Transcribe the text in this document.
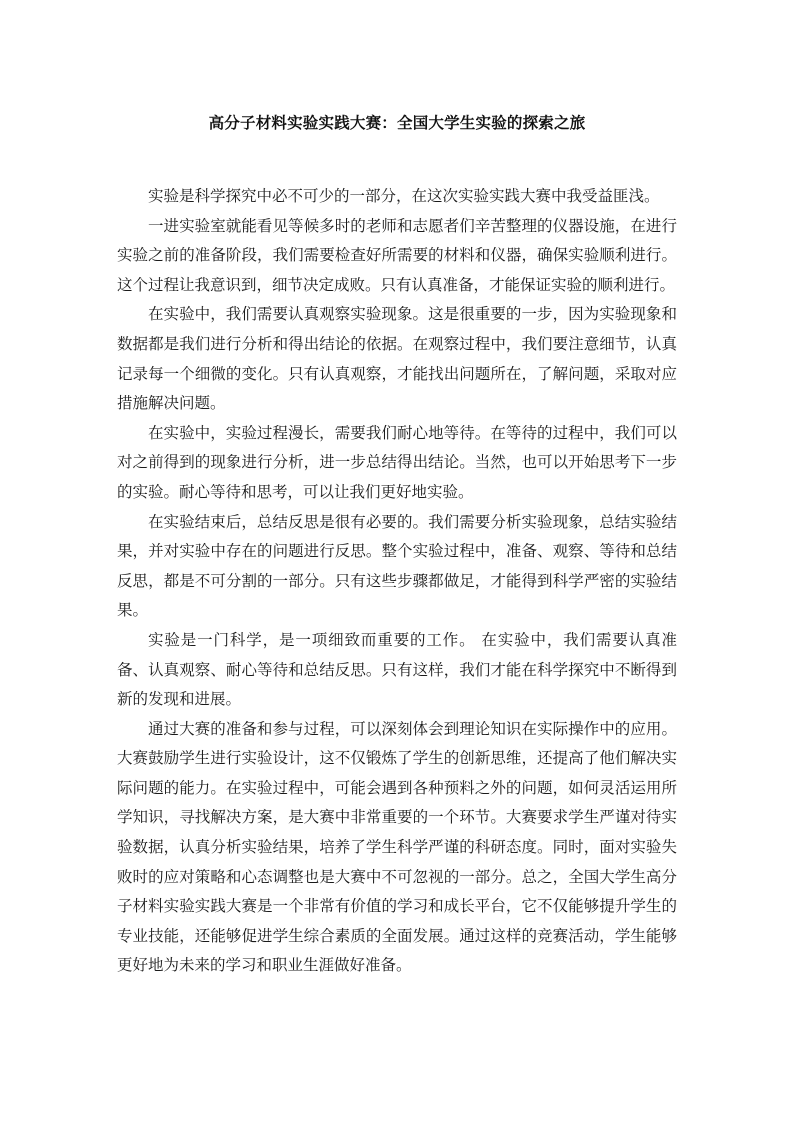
高分子材料实验实践大赛：全国大学生实验的探索之旅

实验是科学探究中必不可少的一部分，在这次实验实践大赛中我受益匪浅。

一进实验室就能看见等候多时的老师和志愿者们辛苦整理的仪器设施，在进行实验之前的准备阶段，我们需要检查好所需要的材料和仪器，确保实验顺利进行。这个过程让我意识到，细节决定成败。只有认真准备，才能保证实验的顺利进行。

在实验中，我们需要认真观察实验现象。这是很重要的一步，因为实验现象和数据都是我们进行分析和得出结论的依据。在观察过程中，我们要注意细节，认真记录每一个细微的变化。只有认真观察，才能找出问题所在，了解问题，采取对应措施解决问题。

在实验中，实验过程漫长，需要我们耐心地等待。在等待的过程中，我们可以对之前得到的现象进行分析，进一步总结得出结论。当然，也可以开始思考下一步的实验。耐心等待和思考，可以让我们更好地实验。

在实验结束后，总结反思是很有必要的。我们需要分析实验现象，总结实验结果，并对实验中存在的问题进行反思。整个实验过程中，准备、观察、等待和总结反思，都是不可分割的一部分。只有这些步骤都做足，才能得到科学严密的实验结果。

实验是一门科学，是一项细致而重要的工作。 在实验中，我们需要认真准备、认真观察、耐心等待和总结反思。只有这样，我们才能在科学探究中不断得到新的发现和进展。

通过大赛的准备和参与过程，可以深刻体会到理论知识在实际操作中的应用。大赛鼓励学生进行实验设计，这不仅锻炼了学生的创新思维，还提高了他们解决实际问题的能力。在实验过程中，可能会遇到各种预料之外的问题，如何灵活运用所学知识，寻找解决方案，是大赛中非常重要的一个环节。大赛要求学生严谨对待实验数据，认真分析实验结果，培养了学生科学严谨的科研态度。同时，面对实验失败时的应对策略和心态调整也是大赛中不可忽视的一部分。总之，全国大学生高分子材料实验实践大赛是一个非常有价值的学习和成长平台，它不仅能够提升学生的专业技能，还能够促进学生综合素质的全面发展。通过这样的竞赛活动，学生能够更好地为未来的学习和职业生涯做好准备。
